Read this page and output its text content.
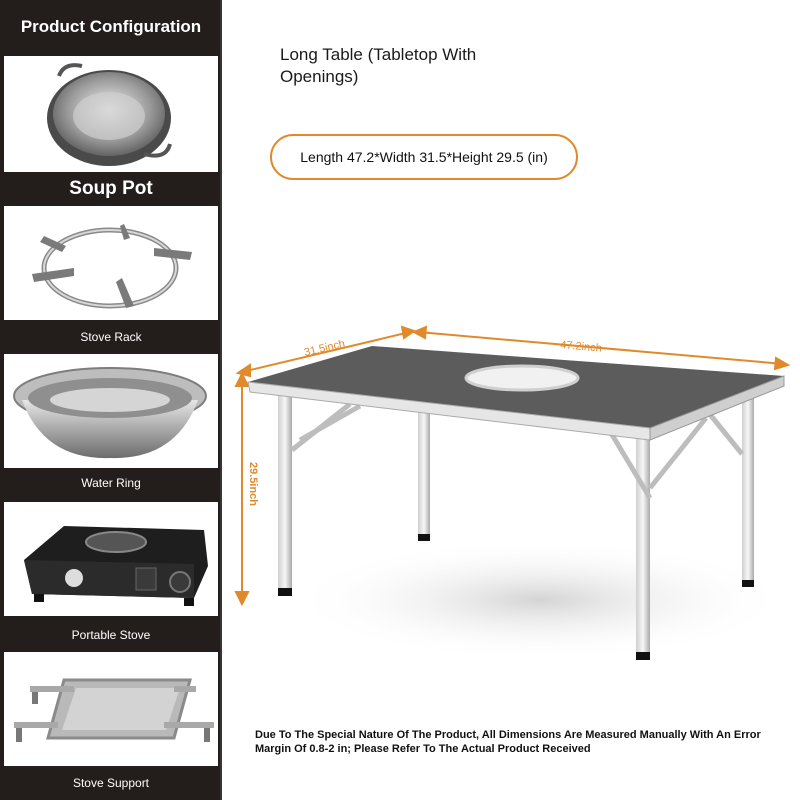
Product Configuration
Soup Pot
Stove Rack
Water Ring
Portable Stove
Stove Support
Long Table (Tabletop With Openings)
Length 47.2*Width 31.5*Height 29.5 (in)
31.5inch	47.2inch
29.5inch
Due To The Special Nature Of The Product, All Dimensions Are Measured Manually With An Error Margin Of 0.8-2 in; Please Refer To The Actual Product Received
